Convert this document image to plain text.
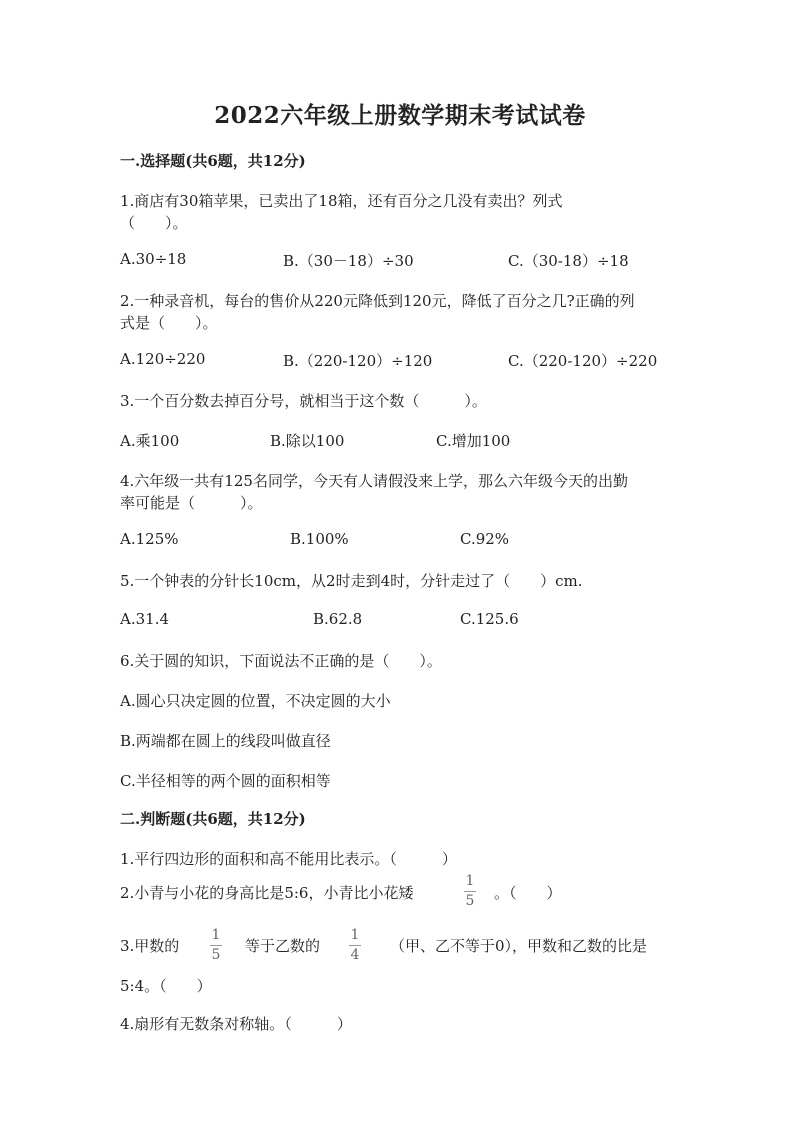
2022六年级上册数学期末考试试卷
一.选择题(共6题，共12分)
1.商店有30箱苹果，已卖出了18箱，还有百分之几没有卖出？列式
（　　）。
A.30÷18	B.（30－18）÷30	C.（30-18）÷18
2.一种录音机，每台的售价从220元降低到120元，降低了百分之几?正确的列
式是（　　）。
A.120÷220	B.（220-120）÷120	C.（220-120）÷220
3.一个百分数去掉百分号，就相当于这个数（　　　）。
A.乘100	B.除以100	C.增加100
4.六年级一共有125名同学，今天有人请假没来上学，那么六年级今天的出勤
率可能是（　　　）。
A.125%	B.100%	C.92%
5.一个钟表的分针长10cm，从2时走到4时，分针走过了（　　）cm.
A.31.4	B.62.8	C.125.6
6.关于圆的知识，下面说法不正确的是（　　）。
A.圆心只决定圆的位置，不决定圆的大小
B.两端都在圆上的线段叫做直径
C.半径相等的两个圆的面积相等
二.判断题(共6题，共12分)
1.平行四边形的面积和高不能用比表示。（　　　）
2.小青与小花的身高比是5:6，小青比小花矮
1
5 。（　　）
3.甲数的
1
5 等于乙数的
1
4 （甲、乙不等于0），甲数和乙数的比是
5:4。（　　）
4.扇形有无数条对称轴。（　　　）
